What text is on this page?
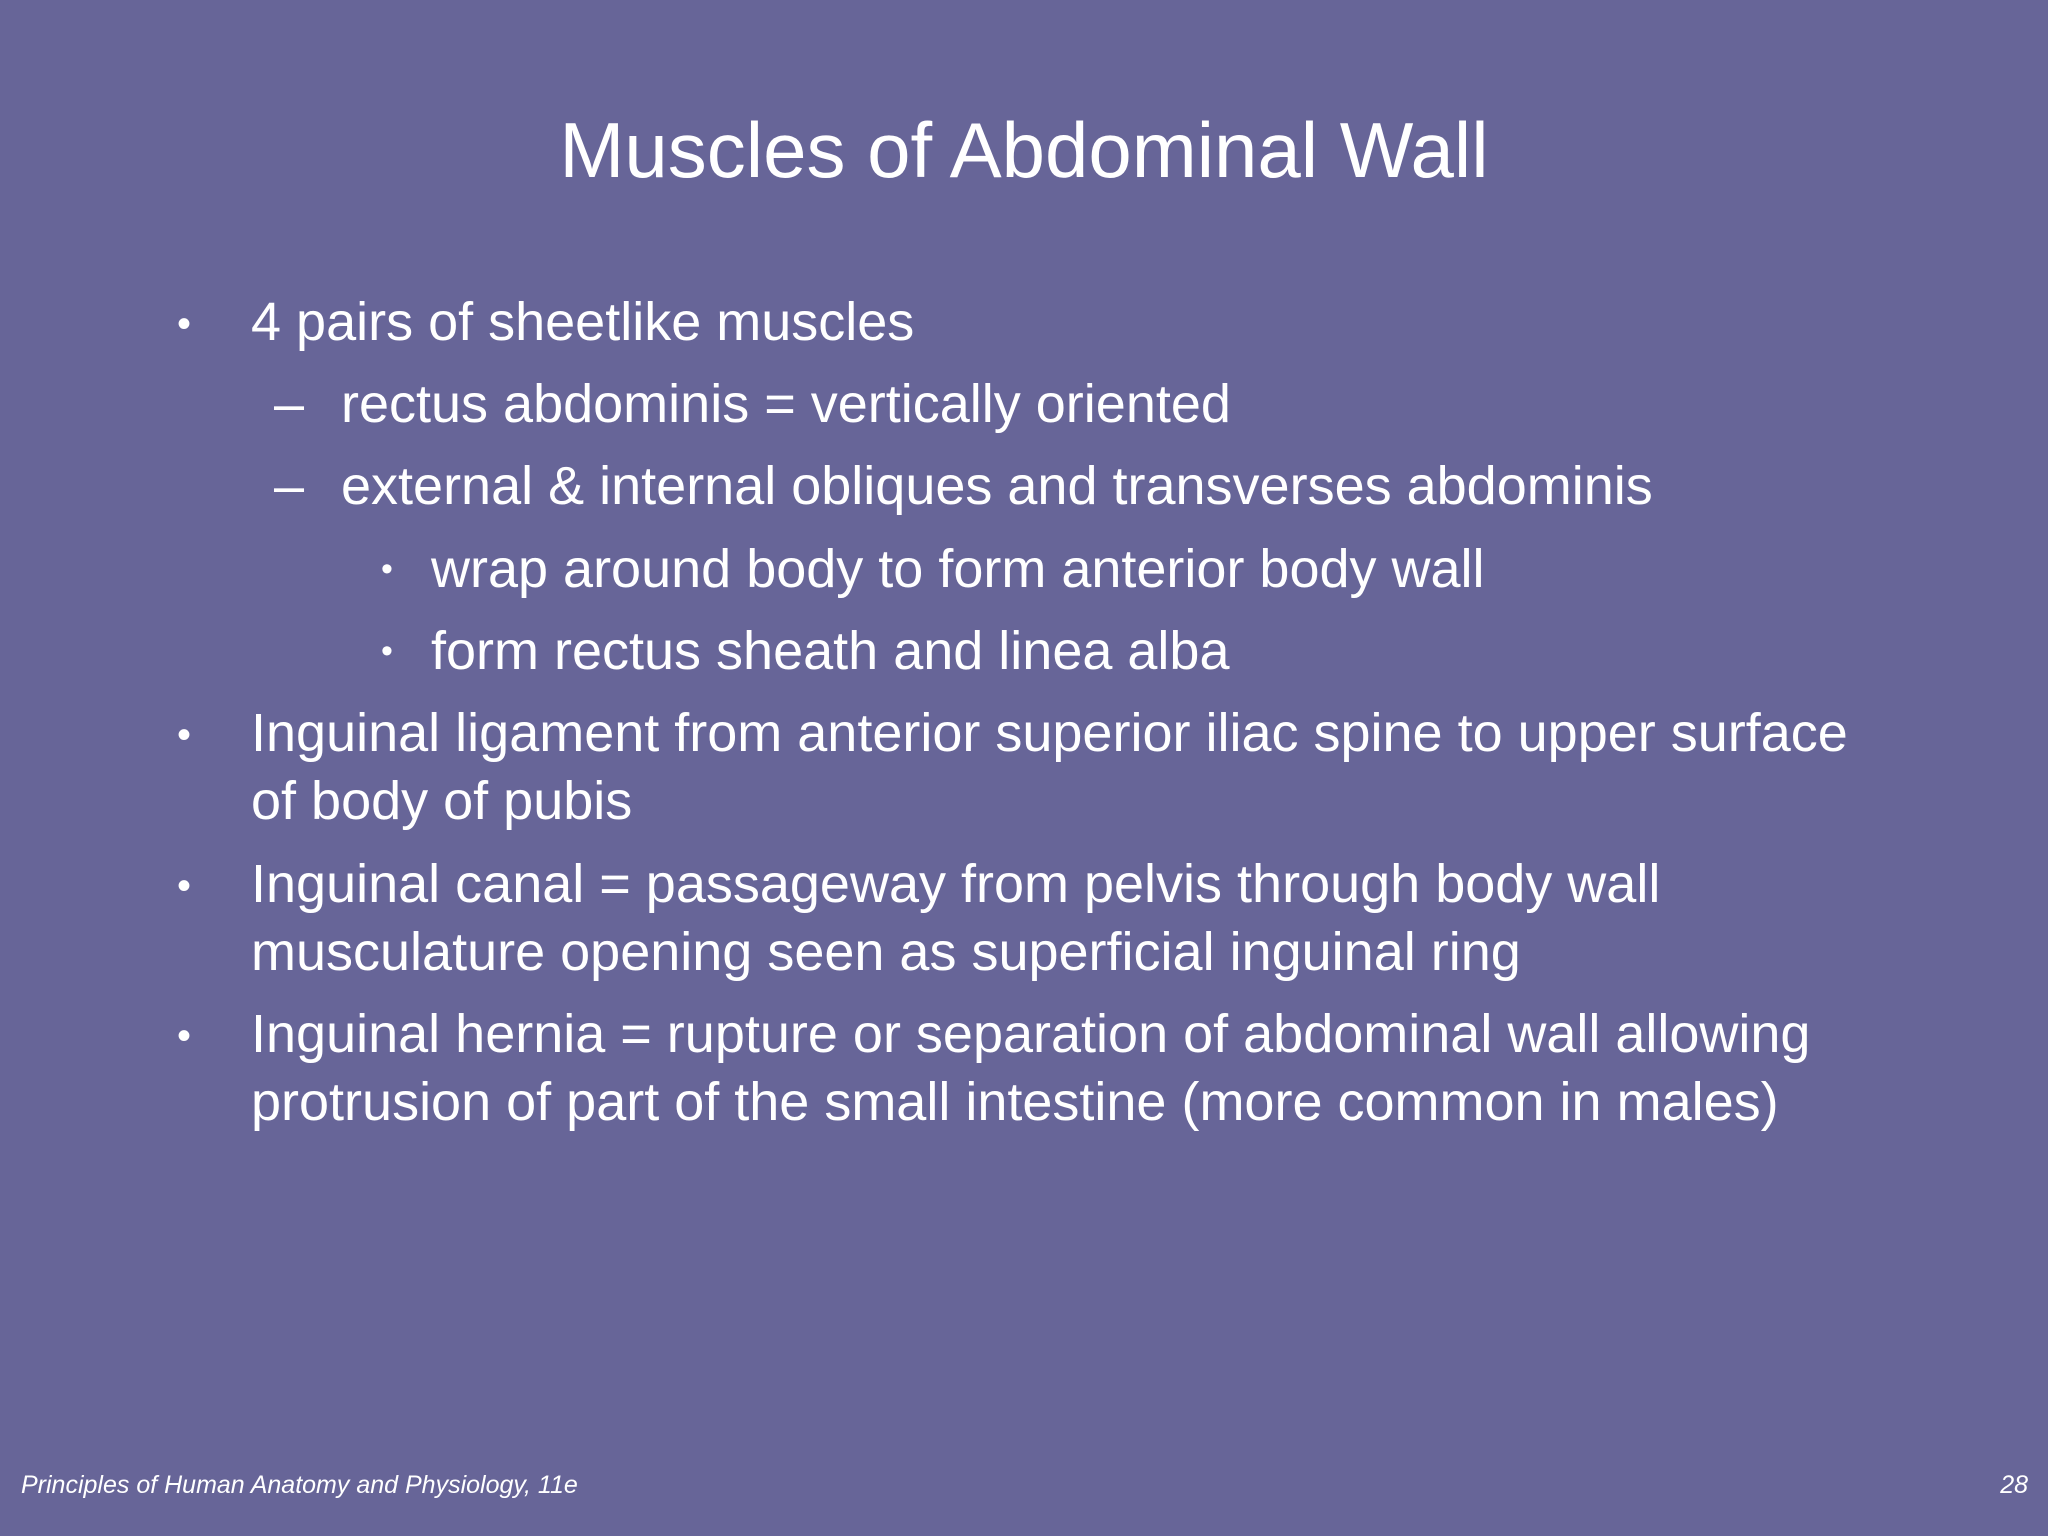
Muscles of Abdominal Wall
• 4 pairs of sheetlike muscles
– rectus abdominis = vertically oriented
– external & internal obliques and transverses abdominis
• wrap around body to form anterior body wall
• form rectus sheath and linea alba
• Inguinal ligament from anterior superior iliac spine to upper surface
of body of pubis
• Inguinal canal = passageway from pelvis through body wall
musculature opening seen as superficial inguinal ring
• Inguinal hernia = rupture or separation of abdominal wall allowing
protrusion of part of the small intestine (more common in males)
Principles of Human Anatomy and Physiology, 11e	28
